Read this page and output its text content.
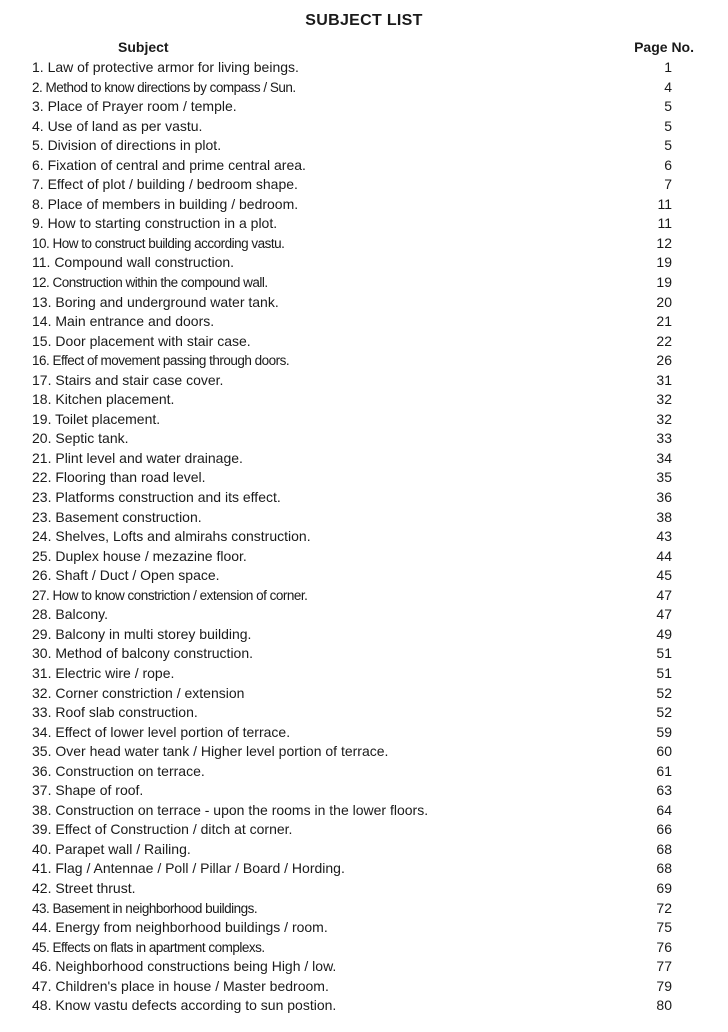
SUBJECT LIST
Subject	Page No.
1. Law of protective armor for living beings.	1
2. Method to know directions by compass / Sun.	4
3. Place of Prayer room / temple.	5
4. Use of land as per vastu.	5
5. Division of directions in plot.	5
6. Fixation of central and prime central area.	6
7. Effect of plot / building / bedroom shape.	7
8. Place of members in building / bedroom.	11
9. How to starting construction in a plot.	11
10. How to construct building according vastu.	12
11. Compound wall construction.	19
12. Construction within the compound wall.	19
13. Boring and underground water tank.	20
14. Main entrance and doors.	21
15. Door placement with stair case.	22
16. Effect of movement passing through doors.	26
17. Stairs and stair case cover.	31
18. Kitchen placement.	32
19. Toilet placement.	32
20. Septic tank.	33
21. Plint level and water drainage.	34
22. Flooring than road level.	35
23. Platforms construction and its effect.	36
23. Basement construction.	38
24. Shelves, Lofts and almirahs construction.	43
25. Duplex house / mezazine floor.	44
26. Shaft / Duct / Open space.	45
27. How to know constriction / extension of corner.	47
28. Balcony.	47
29. Balcony in multi storey building.	49
30. Method of balcony construction.	51
31. Electric wire / rope.	51
32. Corner constriction / extension	52
33. Roof slab construction.	52
34. Effect of lower level portion of terrace.	59
35. Over head water tank / Higher level portion of terrace.	60
36. Construction on terrace.	61
37. Shape of roof.	63
38. Construction on terrace - upon the rooms in the lower floors.	64
39. Effect of Construction / ditch at corner.	66
40. Parapet wall / Railing.	68
41. Flag / Antennae / Poll / Pillar / Board / Hording.	68
42. Street thrust.	69
43. Basement in neighborhood buildings.	72
44. Energy from neighborhood buildings / room.	75
45. Effects on flats in apartment complexs.	76
46. Neighborhood constructions being High / low.	77
47. Children's place in house / Master bedroom.	79
48. Know vastu defects according to sun postion.	80
